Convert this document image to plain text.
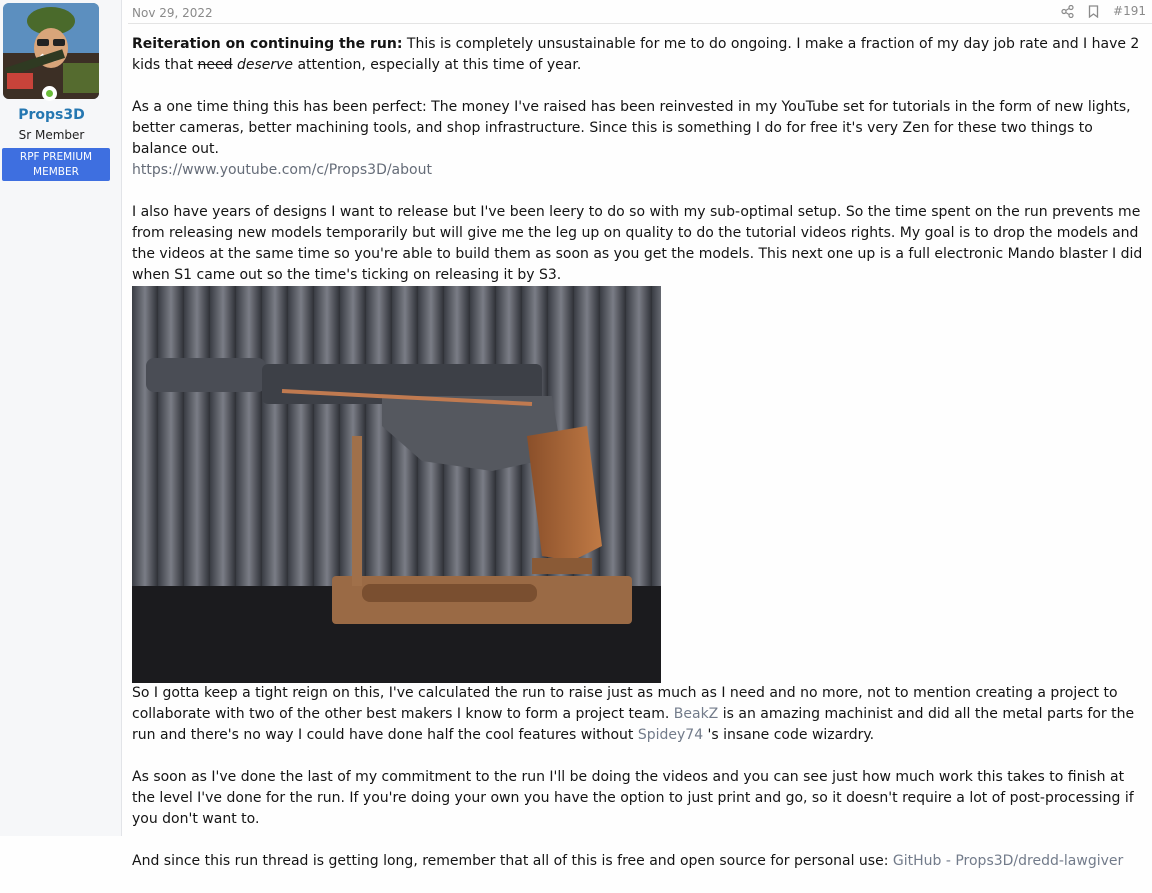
Props3D
Sr Member
RPF PREMIUM
MEMBER
Nov 29, 2022	#191

Reiteration on continuing the run: This is completely unsustainable for me to do ongoing. I make a fraction of my day job rate and I have 2 kids that need deserve attention, especially at this time of year.

As a one time thing this has been perfect: The money I've raised has been reinvested in my YouTube set for tutorials in the form of new lights, better cameras, better machining tools, and shop infrastructure. Since this is something I do for free it's very Zen for these two things to balance out.
https://www.youtube.com/c/Props3D/about

I also have years of designs I want to release but I've been leery to do so with my sub-optimal setup. So the time spent on the run prevents me from releasing new models temporarily but will give me the leg up on quality to do the tutorial videos rights. My goal is to drop the models and the videos at the same time so you're able to build them as soon as you get the models. This next one up is a full electronic Mando blaster I did when S1 came out so the time's ticking on releasing it by S3.

So I gotta keep a tight reign on this, I've calculated the run to raise just as much as I need and no more, not to mention creating a project to collaborate with two of the other best makers I know to form a project team. BeakZ is an amazing machinist and did all the metal parts for the run and there's no way I could have done half the cool features without Spidey74 's insane code wizardry.

As soon as I've done the last of my commitment to the run I'll be doing the videos and you can see just how much work this takes to finish at the level I've done for the run. If you're doing your own you have the option to just print and go, so it doesn't require a lot of post-processing if you don't want to.

And since this run thread is getting long, remember that all of this is free and open source for personal use: GitHub - Props3D/dredd-lawgiver
